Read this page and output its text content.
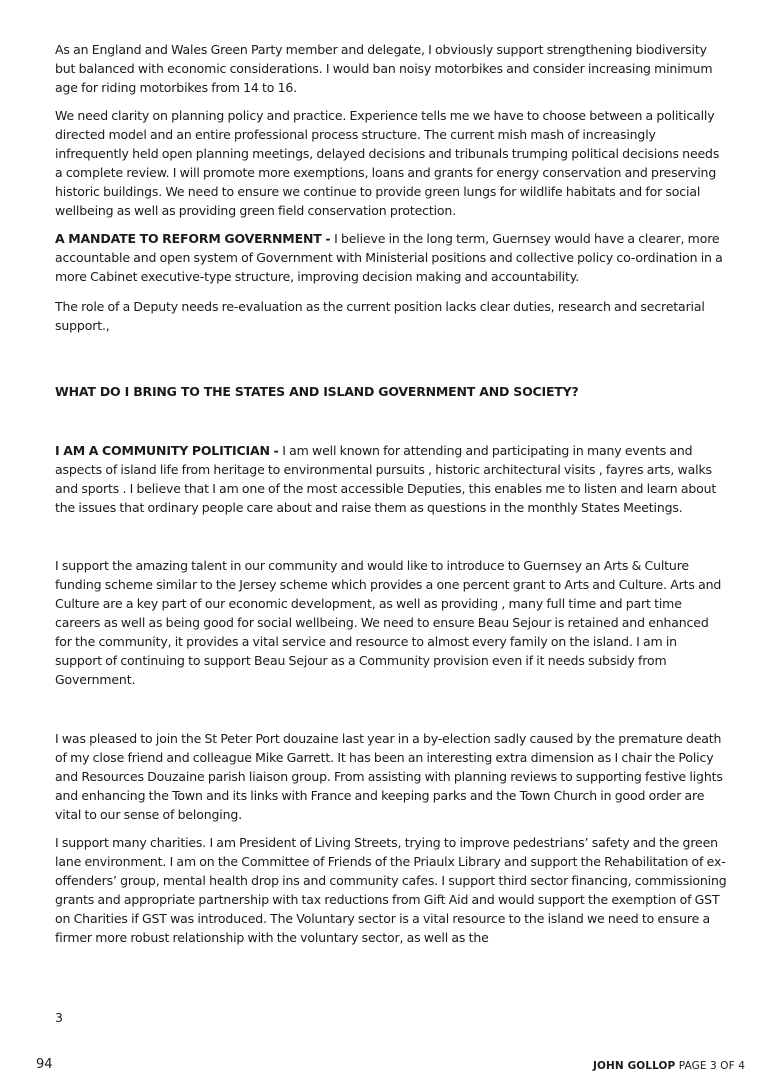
As an England and Wales Green Party member and delegate, I obviously support strengthening biodiversity but balanced with economic considerations. I would ban noisy motorbikes and consider increasing minimum age for riding motorbikes from 14 to 16.

We need clarity on planning policy and practice. Experience tells me we have to choose between a politically directed model and an entire professional process structure. The current mish mash of increasingly infrequently held open planning meetings, delayed decisions and tribunals trumping political decisions needs a complete review. I will promote more exemptions, loans and grants for energy conservation and preserving historic buildings. We need to ensure we continue to provide green lungs for wildlife habitats and for social wellbeing as well as providing green field conservation protection.

A MANDATE TO REFORM GOVERNMENT - I believe in the long term, Guernsey would have a clearer, more accountable and open system of Government with Ministerial positions and collective policy co-ordination in a more Cabinet executive-type structure, improving decision making and accountability.

The role of a Deputy needs re-evaluation as the current position lacks clear duties, research and secretarial support.,

WHAT DO I BRING TO THE STATES AND ISLAND GOVERNMENT AND SOCIETY?

I AM A COMMUNITY POLITICIAN - I am well known for attending and participating in many events and aspects of island life from heritage to environmental pursuits , historic architectural visits , fayres arts, walks and sports . I believe that I am one of the most accessible Deputies, this enables me to listen and learn about the issues that ordinary people care about and raise them as questions in the monthly States Meetings.

I support the amazing talent in our community and would like to introduce to Guernsey an Arts & Culture funding scheme similar to the Jersey scheme which provides a one percent grant to Arts and Culture. Arts and Culture are a key part of our economic development, as well as providing , many full time and part time careers as well as being good for social wellbeing. We need to ensure Beau Sejour is retained and enhanced for the community, it provides a vital service and resource to almost every family on the island. I am in support of continuing to support Beau Sejour as a Community provision even if it needs subsidy from Government.

I was pleased to join the St Peter Port douzaine last year in a by-election sadly caused by the premature death of my close friend and colleague Mike Garrett. It has been an interesting extra dimension as I chair the Policy and Resources Douzaine parish liaison group. From assisting with planning reviews to supporting festive lights and enhancing the Town and its links with France and keeping parks and the Town Church in good order are vital to our sense of belonging.

I support many charities. I am President of Living Streets, trying to improve pedestrians’ safety and the green lane environment. I am on the Committee of Friends of the Priaulx Library and support the Rehabilitation of ex-offenders’ group, mental health drop ins and community cafes. I support third sector financing, commissioning grants and appropriate partnership with tax reductions from Gift Aid and would support the exemption of GST on Charities if GST was introduced. The Voluntary sector is a vital resource to the island we need to ensure a firmer more robust relationship with the voluntary sector, as well as the

3
94	JOHN GOLLOP PAGE 3 OF 4
